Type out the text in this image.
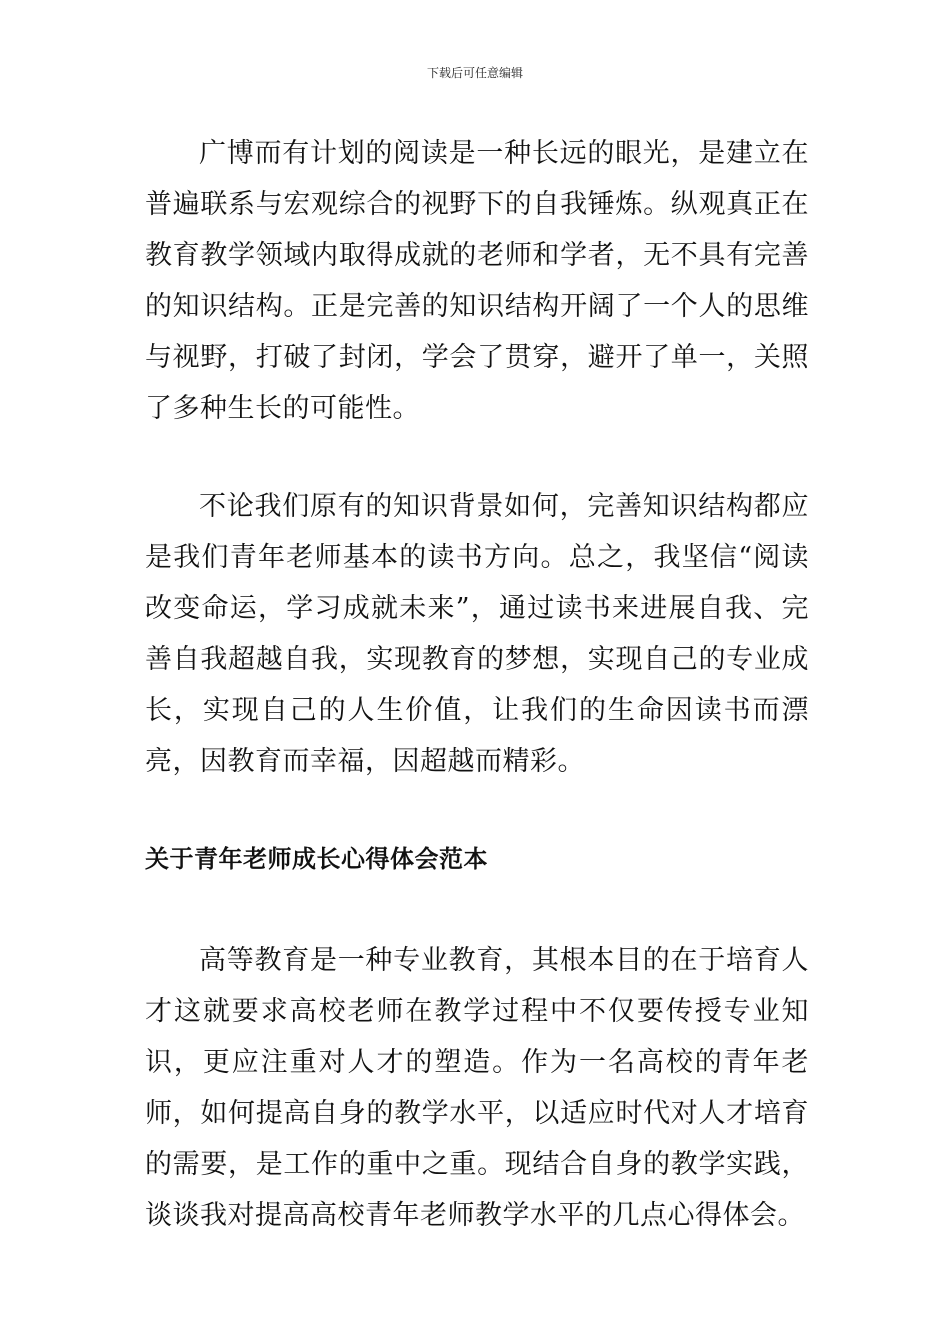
下载后可任意编辑

广博而有计划的阅读是一种长远的眼光，是建立在普遍联系与宏观综合的视野下的自我锤炼。纵观真正在教育教学领域内取得成就的老师和学者，无不具有完善的知识结构。正是完善的知识结构开阔了一个人的思维与视野，打破了封闭，学会了贯穿，避开了单一，关照了多种生长的可能性。

不论我们原有的知识背景如何，完善知识结构都应是我们青年老师基本的读书方向。总之，我坚信“阅读改变命运，学习成就未来”，通过读书来进展自我、完善自我超越自我，实现教育的梦想，实现自己的专业成长，实现自己的人生价值，让我们的生命因读书而漂亮，因教育而幸福，因超越而精彩。

关于青年老师成长心得体会范本

高等教育是一种专业教育，其根本目的在于培育人才这就要求高校老师在教学过程中不仅要传授专业知识，更应注重对人才的塑造。作为一名高校的青年老师，如何提高自身的教学水平，以适应时代对人才培育的需要，是工作的重中之重。现结合自身的教学实践，谈谈我对提高高校青年老师教学水平的几点心得体会。
